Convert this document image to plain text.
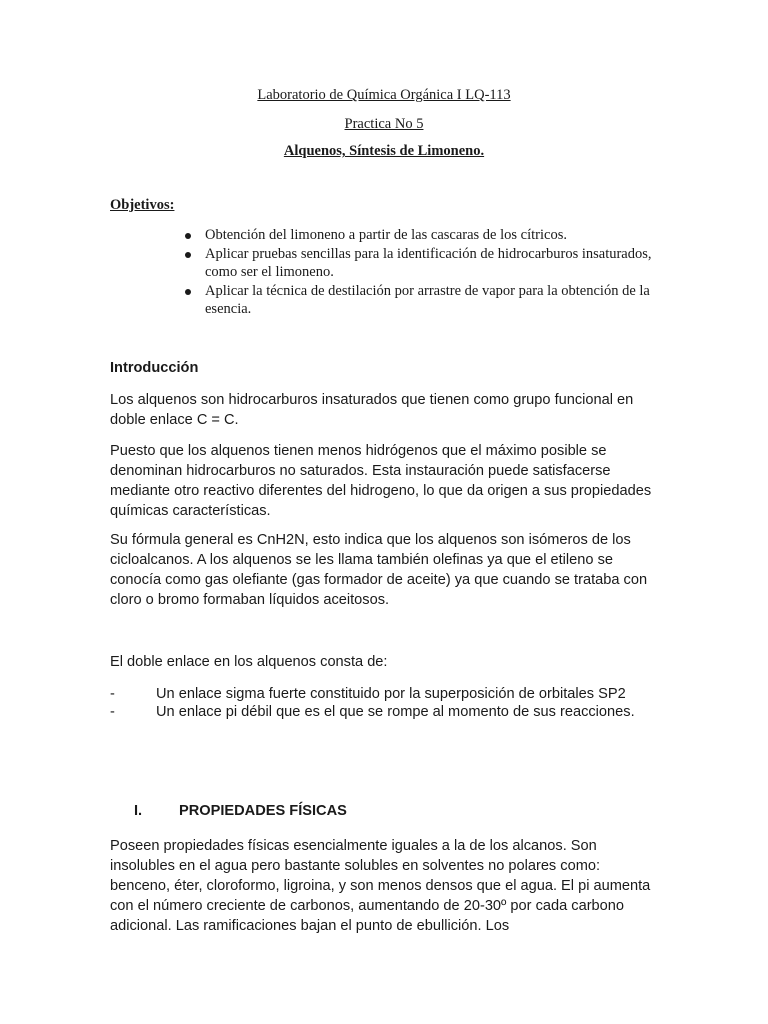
Laboratorio de Química Orgánica I LQ-113
Practica No 5
Alquenos, Síntesis de Limoneno.
Objetivos:
Obtención del limoneno a partir de las cascaras de los cítricos.
Aplicar pruebas sencillas para la identificación de hidrocarburos insaturados, como ser el limoneno.
Aplicar la técnica de destilación por arrastre de vapor para la obtención de la esencia.
Introducción

Los alquenos son hidrocarburos insaturados que tienen como grupo funcional en doble enlace C = C.

Puesto que los alquenos tienen menos hidrógenos que el máximo posible se denominan hidrocarburos no saturados. Esta instauración puede satisfacerse mediante otro reactivo diferentes del hidrogeno, lo que da origen a sus propiedades químicas características.

Su fórmula general es CnH2N, esto indica que los alquenos son isómeros de los cicloalcanos. A los alquenos se les llama también olefinas ya que el etileno se conocía como gas olefiante (gas formador de aceite) ya que cuando se trataba con cloro o bromo formaban líquidos aceitosos.

El doble enlace en los alquenos consta de:

-	Un enlace sigma fuerte constituido por la superposición de orbitales SP2
-	Un enlace pi débil que es el que se rompe al momento de sus reacciones.
I.	PROPIEDADES FÍSICAS

Poseen propiedades físicas esencialmente iguales a la de los alcanos. Son insolubles en el agua pero bastante solubles en solventes no polares como: benceno, éter, cloroformo, ligroina, y son menos densos que el agua. El pi aumenta con el número creciente de carbonos, aumentando de 20-30º por cada carbono adicional. Las ramificaciones bajan el punto de ebullición. Los
